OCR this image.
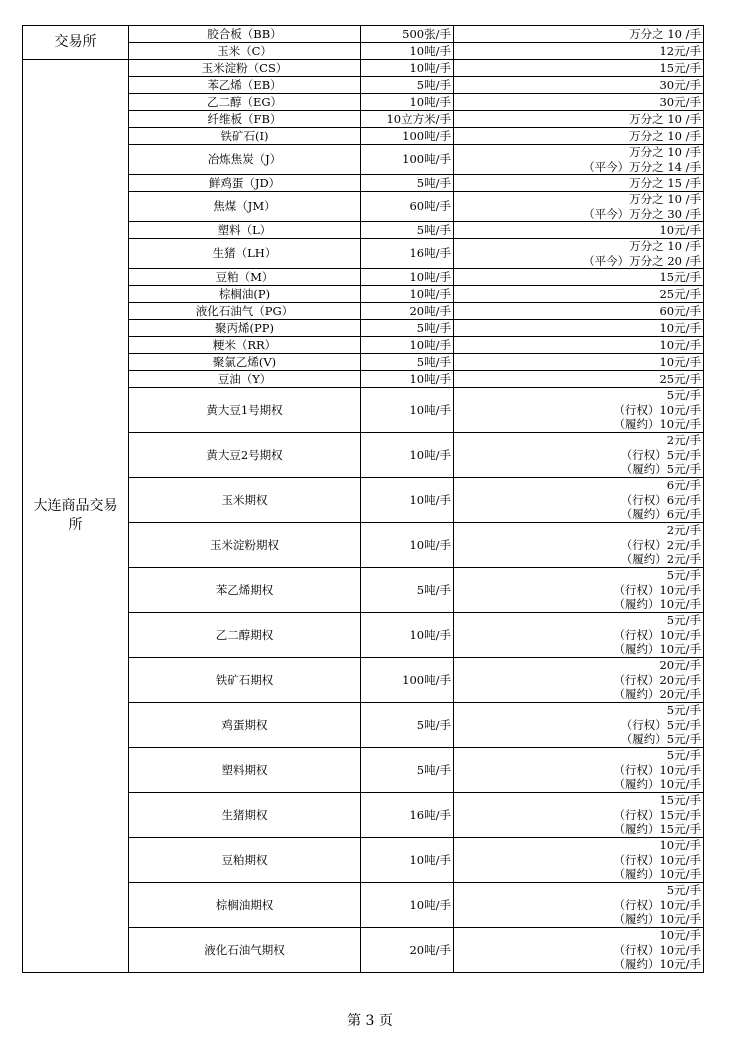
交易所	胶合板（BB）	500张/手	万分之 10 /手

	玉米（C）	10吨/手	12元/手

大连商品交易所	玉米淀粉（CS）	10吨/手	15元/手

	苯乙烯（EB）	5吨/手	30元/手

	乙二醇（EG）	10吨/手	30元/手

	纤维板（FB）	10立方米/手	万分之 10 /手

	铁矿石(I)	100吨/手	万分之 10 /手

	冶炼焦炭（J）	100吨/手	万分之 10 /手
（平今）万分之 14 /手

	鲜鸡蛋（JD）	5吨/手	万分之 15 /手

	焦煤（JM）	60吨/手	万分之 10 /手
（平今）万分之 30 /手

	塑料（L）	5吨/手	10元/手

	生猪（LH）	16吨/手	万分之 10 /手
（平今）万分之 20 /手

	豆粕（M）	10吨/手	15元/手

	棕榈油(P)	10吨/手	25元/手

	液化石油气（PG）	20吨/手	60元/手

	聚丙烯(PP)	5吨/手	10元/手

	粳米（RR）	10吨/手	10元/手

	聚氯乙烯(V)	5吨/手	10元/手

	豆油（Y）	10吨/手	25元/手

	黄大豆1号期权	10吨/手	5元/手
（行权）10元/手
（履约）10元/手

	黄大豆2号期权	10吨/手	2元/手
（行权）5元/手
（履约）5元/手

	玉米期权	10吨/手	6元/手
（行权）6元/手
（履约）6元/手

	玉米淀粉期权	10吨/手	2元/手
（行权）2元/手
（履约）2元/手

	苯乙烯期权	5吨/手	5元/手
（行权）10元/手
（履约）10元/手

	乙二醇期权	10吨/手	5元/手
（行权）10元/手
（履约）10元/手

	铁矿石期权	100吨/手	20元/手
（行权）20元/手
（履约）20元/手

	鸡蛋期权	5吨/手	5元/手
（行权）5元/手
（履约）5元/手

	塑料期权	5吨/手	5元/手
（行权）10元/手
（履约）10元/手

	生猪期权	16吨/手	15元/手
（行权）15元/手
（履约）15元/手

	豆粕期权	10吨/手	10元/手
（行权）10元/手
（履约）10元/手

	棕榈油期权	10吨/手	5元/手
（行权）10元/手
（履约）10元/手

	液化石油气期权	20吨/手	10元/手
（行权）10元/手
（履约）10元/手
第 3 页
